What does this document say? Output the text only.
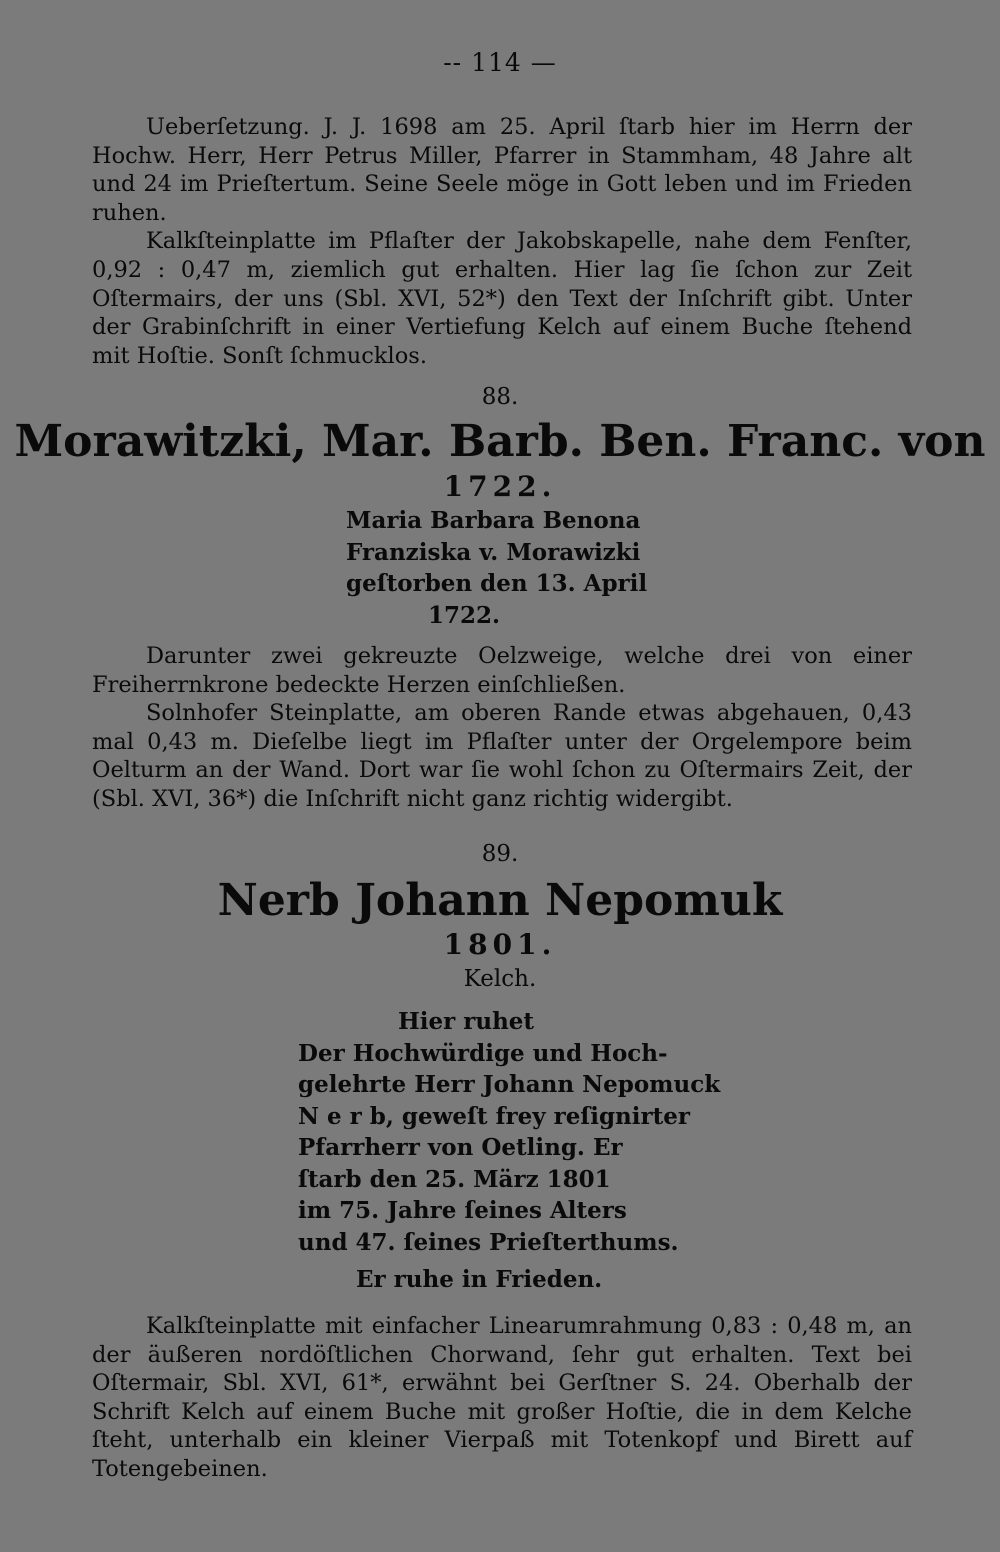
-- 114 —

Ueberſetzung. J. J. 1698 am 25. April ſtarb hier im Herrn der Hochw. Herr, Herr Petrus Miller, Pfarrer in Stammham, 48 Jahre alt und 24 im Prieſtertum. Seine Seele möge in Gott leben und im Frieden ruhen.

Kalkſteinplatte im Pflaſter der Jakobskapelle, nahe dem Fenſter, 0,92 : 0,47 m, ziemlich gut erhalten. Hier lag ſie ſchon zur Zeit Oſtermairs, der uns (Sbl. XVI, 52*) den Text der Inſchrift gibt. Unter der Grabinſchrift in einer Vertiefung Kelch auf einem Buche ſtehend mit Hoſtie. Sonſt ſchmucklos.

88.
Morawitzki, Mar. Barb. Ben. Franc. von
1722.
Maria Barbara Benona
Franziska v. Morawizki
geſtorben den 13. April
1722.

Darunter zwei gekreuzte Oelzweige, welche drei von einer Freiherrnkrone bedeckte Herzen einſchließen.

Solnhofer Steinplatte, am oberen Rande etwas abgehauen, 0,43 mal 0,43 m. Dieſelbe liegt im Pflaſter unter der Orgelempore beim Oelturm an der Wand. Dort war ſie wohl ſchon zu Oſtermairs Zeit, der (Sbl. XVI, 36*) die Inſchrift nicht ganz richtig widergibt.

89.
Nerb Johann Nepomuk
1801.
Kelch.
Hier ruhet
Der Hochwürdige und Hoch-
gelehrte Herr Johann Nepomuck
N e r b, geweſt frey reſignirter
Pfarrherr von Oetling. Er
ſtarb den 25. März 1801
im 75. Jahre ſeines Alters
und 47. ſeines Prieſterthums.
Er ruhe in Frieden.

Kalkſteinplatte mit einfacher Linearumrahmung 0,83 : 0,48 m, an der äußeren nordöſtlichen Chorwand, ſehr gut erhalten. Text bei Oſtermair, Sbl. XVI, 61*, erwähnt bei Gerſtner S. 24. Oberhalb der Schrift Kelch auf einem Buche mit großer Hoſtie, die in dem Kelche ſteht, unterhalb ein kleiner Vierpaß mit Totenkopf und Birett auf Totengebeinen.
